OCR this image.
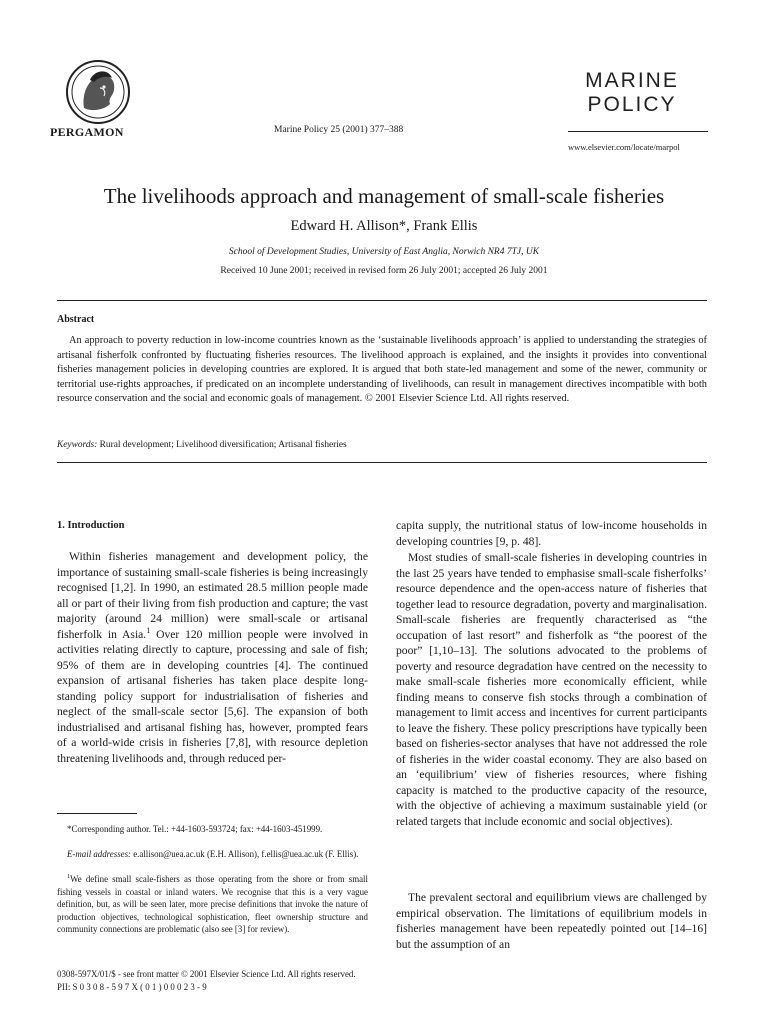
PERGAMON	Marine Policy 25 (2001) 377–388
MARINE
POLICY
www.elsevier.com/locate/marpol
The livelihoods approach and management of small-scale fisheries
Edward H. Allison*, Frank Ellis
School of Development Studies, University of East Anglia, Norwich NR4 7TJ, UK
Received 10 June 2001; received in revised form 26 July 2001; accepted 26 July 2001
Abstract

An approach to poverty reduction in low-income countries known as the ‘sustainable livelihoods approach’ is applied to understanding the strategies of artisanal fisherfolk confronted by fluctuating fisheries resources. The livelihood approach is explained, and the insights it provides into conventional fisheries management policies in developing countries are explored. It is argued that both state-led management and some of the newer, community or territorial use-rights approaches, if predicated on an incomplete understanding of livelihoods, can result in management directives incompatible with both resource conservation and the social and economic goals of management. © 2001 Elsevier Science Ltd. All rights reserved.

Keywords: Rural development; Livelihood diversification; Artisanal fisheries
1. Introduction

Within fisheries management and development policy, the importance of sustaining small-scale fisheries is being increasingly recognised [1,2]. In 1990, an estimated 28.5 million people made all or part of their living from fish production and capture; the vast majority (around 24 million) were small-scale or artisanal fisherfolk in Asia.$^1$ Over 120 million people were involved in activities relating directly to capture, processing and sale of fish; 95% of them are in developing countries [4]. The continued expansion of artisanal fisheries has taken place despite long-standing policy support for industrialisation of fisheries and neglect of the small-scale sector [5,6]. The expansion of both industrialised and artisanal fishing has, however, prompted fears of a world-wide crisis in fisheries [7,8], with resource depletion threatening livelihoods and, through reduced per-

*Corresponding author. Tel.: +44-1603-593724; fax: +44-1603-451999.

E-mail addresses: e.allison@uea.ac.uk (E.H. Allison), f.ellis@uea.ac.uk (F. Ellis).

$^1$We define small scale-fishers as those operating from the shore or from small fishing vessels in coastal or inland waters. We recognise that this is a very vague definition, but, as will be seen later, more precise definitions that invoke the nature of production objectives, technological sophistication, fleet ownership structure and community connections are problematic (also see [3] for review).

capita supply, the nutritional status of low-income households in developing countries [9, p. 48].

Most studies of small-scale fisheries in developing countries in the last 25 years have tended to emphasise small-scale fisherfolks’ resource dependence and the open-access nature of fisheries that together lead to resource degradation, poverty and marginalisation. Small-scale fisheries are frequently characterised as “the occupation of last resort” and fisherfolk as “the poorest of the poor” [1,10–13]. The solutions advocated to the problems of poverty and resource degradation have centred on the necessity to make small-scale fisheries more economically efficient, while finding means to conserve fish stocks through a combination of management to limit access and incentives for current participants to leave the fishery. These policy prescriptions have typically been based on fisheries-sector analyses that have not addressed the role of fisheries in the wider coastal economy. They are also based on an ‘equilibrium’ view of fisheries resources, where fishing capacity is matched to the productive capacity of the resource, with the objective of achieving a maximum sustainable yield (or related targets that include economic and social objectives).

The prevalent sectoral and equilibrium views are challenged by empirical observation. The limitations of equilibrium models in fisheries management have been repeatedly pointed out [14–16] but the assumption of an

0308-597X/01/$ - see front matter © 2001 Elsevier Science Ltd. All rights reserved.
PII: S 0 3 0 8 - 5 9 7 X ( 0 1 ) 0 0 0 2 3 - 9
